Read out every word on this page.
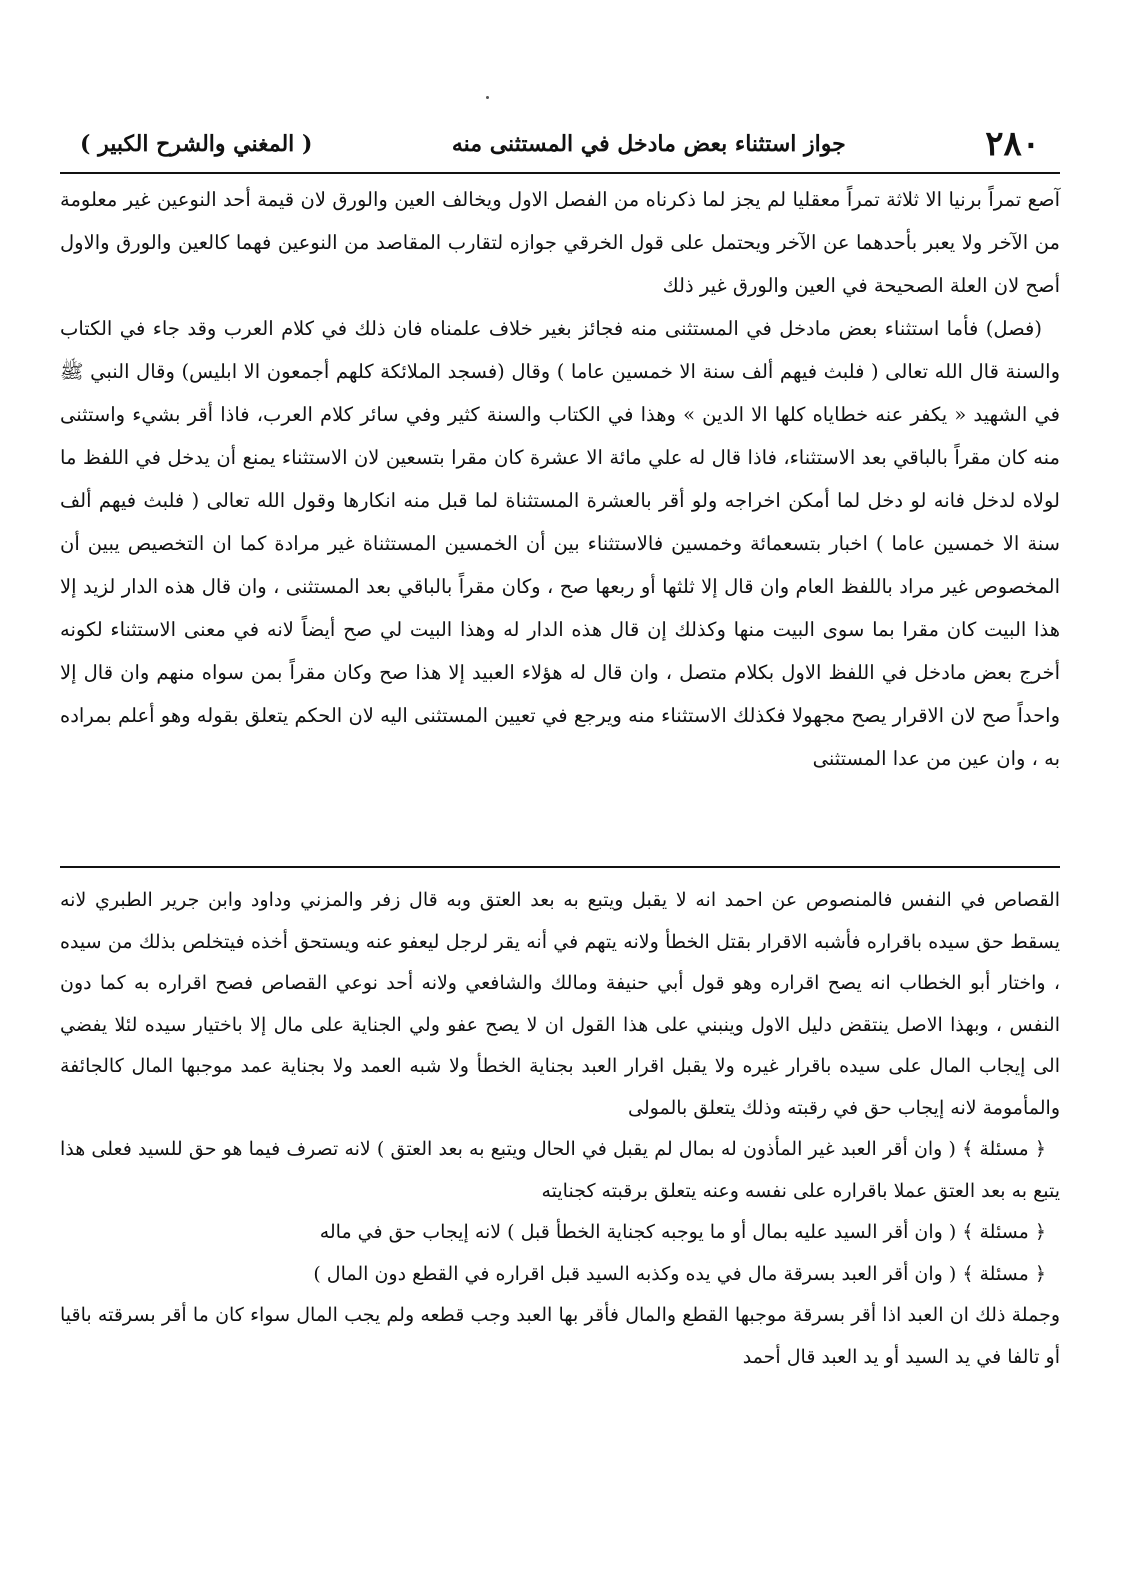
٢٨٠
جواز استثناء بعض مادخل في المستثنى منه
( المغني والشرح الكبير )

آصع تمراً برنيا الا ثلاثة تمراً معقليا لم يجز لما ذكرناه من الفصل الاول ويخالف العين والورق لان قيمة أحد النوعين غير معلومة من الآخر ولا يعبر بأحدهما عن الآخر ويحتمل على قول الخرقي جوازه لتقارب المقاصد من النوعين فهما كالعين والورق والاول أصح لان العلة الصحيحة في العين والورق غير ذلك

(فصل) فأما استثناء بعض مادخل في المستثنى منه فجائز بغير خلاف علمناه فان ذلك في كلام العرب وقد جاء في الكتاب والسنة قال الله تعالى ( فلبث فيهم ألف سنة الا خمسين عاما ) وقال (فسجد الملائكة كلهم أجمعون الا ابليس) وقال النبي ﷺ في الشهيد « يكفر عنه خطاياه كلها الا الدين » وهذا في الكتاب والسنة كثير وفي سائر كلام العرب، فاذا أقر بشيء واستثنى منه كان مقراً بالباقي بعد الاستثناء، فاذا قال له علي مائة الا عشرة كان مقرا بتسعين لان الاستثناء يمنع أن يدخل في اللفظ ما لولاه لدخل فانه لو دخل لما أمكن اخراجه ولو أقر بالعشرة المستثناة لما قبل منه انكارها وقول الله تعالى ( فلبث فيهم ألف سنة الا خمسين عاما ) اخبار بتسعمائة وخمسين فالاستثناء بين أن الخمسين المستثناة غير مرادة كما ان التخصيص يبين أن المخصوص غير مراد باللفظ العام وان قال إلا ثلثها أو ربعها صح ، وكان مقراً بالباقي بعد المستثنى ، وان قال هذه الدار لزيد إلا هذا البيت كان مقرا بما سوى البيت منها وكذلك إن قال هذه الدار له وهذا البيت لي صح أيضاً لانه في معنى الاستثناء لكونه أخرج بعض مادخل في اللفظ الاول بكلام متصل ، وان قال له هؤلاء العبيد إلا هذا صح وكان مقراً بمن سواه منهم وان قال إلا واحداً صح لان الاقرار يصح مجهولا فكذلك الاستثناء منه ويرجع في تعيين المستثنى اليه لان الحكم يتعلق بقوله وهو أعلم بمراده به ، وان عين من عدا المستثنى

القصاص في النفس فالمنصوص عن احمد انه لا يقبل ويتبع به بعد العتق وبه قال زفر والمزني وداود وابن جرير الطبري لانه يسقط حق سيده باقراره فأشبه الاقرار بقتل الخطأ ولانه يتهم في أنه يقر لرجل ليعفو عنه ويستحق أخذه فيتخلص بذلك من سيده ، واختار أبو الخطاب انه يصح اقراره وهو قول أبي حنيفة ومالك والشافعي ولانه أحد نوعي القصاص فصح اقراره به كما دون النفس ، وبهذا الاصل ينتقض دليل الاول وينبني على هذا القول ان لا يصح عفو ولي الجناية على مال إلا باختيار سيده لئلا يفضي الى إيجاب المال على سيده باقرار غيره ولا يقبل اقرار العبد بجناية الخطأ ولا شبه العمد ولا بجناية عمد موجبها المال كالجائفة والمأمومة لانه إيجاب حق في رقبته وذلك يتعلق بالمولى

﴿ مسئلة ﴾ ( وان أقر العبد غير المأذون له بمال لم يقبل في الحال ويتبع به بعد العتق ) لانه تصرف فيما هو حق للسيد فعلى هذا يتبع به بعد العتق عملا باقراره على نفسه وعنه يتعلق برقبته كجنايته

﴿ مسئلة ﴾ ( وان أقر السيد عليه بمال أو ما يوجبه كجناية الخطأ قبل ) لانه إيجاب حق في ماله

﴿ مسئلة ﴾ ( وان أقر العبد بسرقة مال في يده وكذبه السيد قبل اقراره في القطع دون المال )

وجملة ذلك ان العبد اذا أقر بسرقة موجبها القطع والمال فأقر بها العبد وجب قطعه ولم يجب المال سواء كان ما أقر بسرقته باقيا أو تالفا في يد السيد أو يد العبد قال أحمد
